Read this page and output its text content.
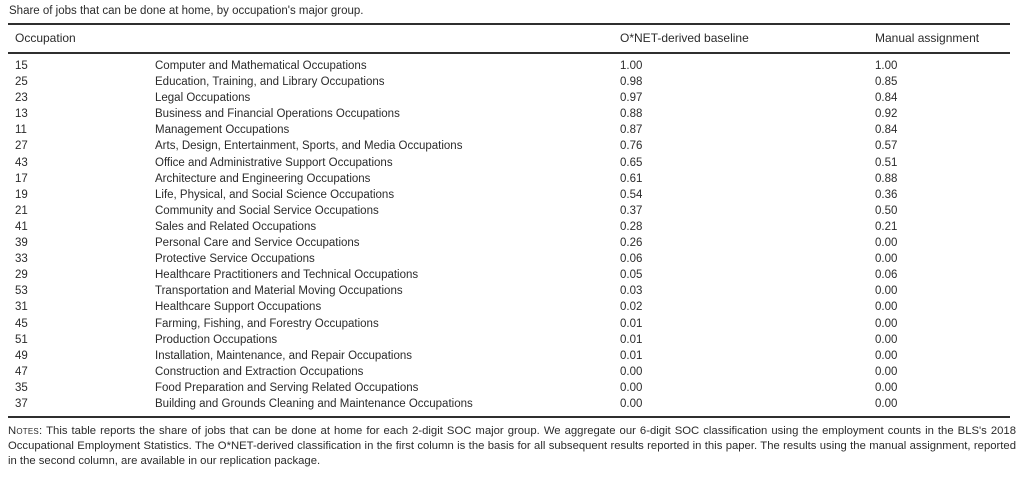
Share of jobs that can be done at home, by occupation's major group.
Occupation		O*NET-derived baseline	Manual assignment
15	Computer and Mathematical Occupations	1.00	1.00
25	Education, Training, and Library Occupations	0.98	0.85
23	Legal Occupations	0.97	0.84
13	Business and Financial Operations Occupations	0.88	0.92
11	Management Occupations	0.87	0.84
27	Arts, Design, Entertainment, Sports, and Media Occupations	0.76	0.57
43	Office and Administrative Support Occupations	0.65	0.51
17	Architecture and Engineering Occupations	0.61	0.88
19	Life, Physical, and Social Science Occupations	0.54	0.36
21	Community and Social Service Occupations	0.37	0.50
41	Sales and Related Occupations	0.28	0.21
39	Personal Care and Service Occupations	0.26	0.00
33	Protective Service Occupations	0.06	0.00
29	Healthcare Practitioners and Technical Occupations	0.05	0.06
53	Transportation and Material Moving Occupations	0.03	0.00
31	Healthcare Support Occupations	0.02	0.00
45	Farming, Fishing, and Forestry Occupations	0.01	0.00
51	Production Occupations	0.01	0.00
49	Installation, Maintenance, and Repair Occupations	0.01	0.00
47	Construction and Extraction Occupations	0.00	0.00
35	Food Preparation and Serving Related Occupations	0.00	0.00
37	Building and Grounds Cleaning and Maintenance Occupations	0.00	0.00

Notes: This table reports the share of jobs that can be done at home for each 2-digit SOC major group. We aggregate our 6-digit SOC classification using the employment counts in the BLS's 2018 Occupational Employment Statistics. The O*NET-derived classification in the first column is the basis for all subsequent results reported in this paper. The results using the manual assignment, reported in the second column, are available in our replication package.
